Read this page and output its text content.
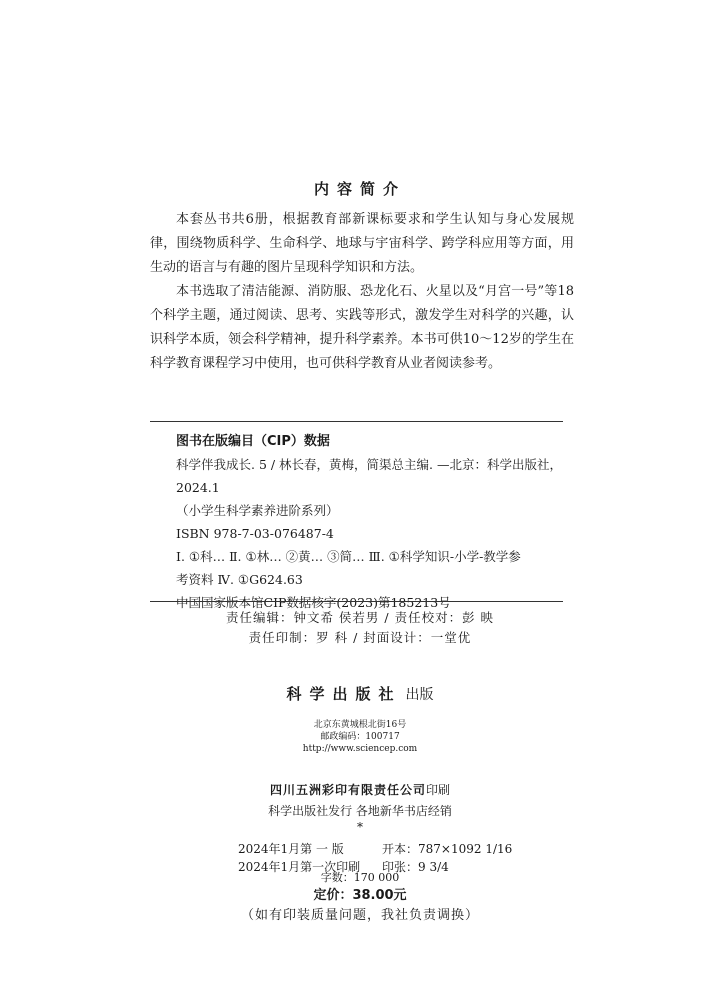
内容简介

本套丛书共6册，根据教育部新课标要求和学生认知与身心发展规律，围绕物质科学、生命科学、地球与宇宙科学、跨学科应用等方面，用生动的语言与有趣的图片呈现科学知识和方法。

本书选取了清洁能源、消防服、恐龙化石、火星以及“月宫一号”等18个科学主题，通过阅读、思考、实践等形式，激发学生对科学的兴趣，认识科学本质，领会科学精神，提升科学素养。本书可供10～12岁的学生在科学教育课程学习中使用，也可供科学教育从业者阅读参考。

图书在版编目（CIP）数据
科学伴我成长. 5 / 林长春，黄梅，简渠总主编. —北京：科学出版社，
2024.1
（小学生科学素养进阶系列）
ISBN 978-7-03-076487-4
Ⅰ. ①科… Ⅱ. ①林… ②黄… ③简… Ⅲ. ①科学知识-小学-教学参
考资料 Ⅳ. ①G624.63
中国国家版本馆CIP数据核字(2023)第185213号
责任编辑：钟文希 侯若男 / 责任校对：彭 映
责任印制：罗 科 / 封面设计：一堂优
科学出版社 出版
北京东黄城根北街16号
邮政编码：100717
http://www.sciencep.com
四川五洲彩印有限责任公司印刷
科学出版社发行 各地新华书店经销
*
2024年1月第 一 版	开本：787×1092 1/16
2024年1月第一次印刷 印张：9 3/4
字数：170 000
定价：38.00元
（如有印装质量问题，我社负责调换）
